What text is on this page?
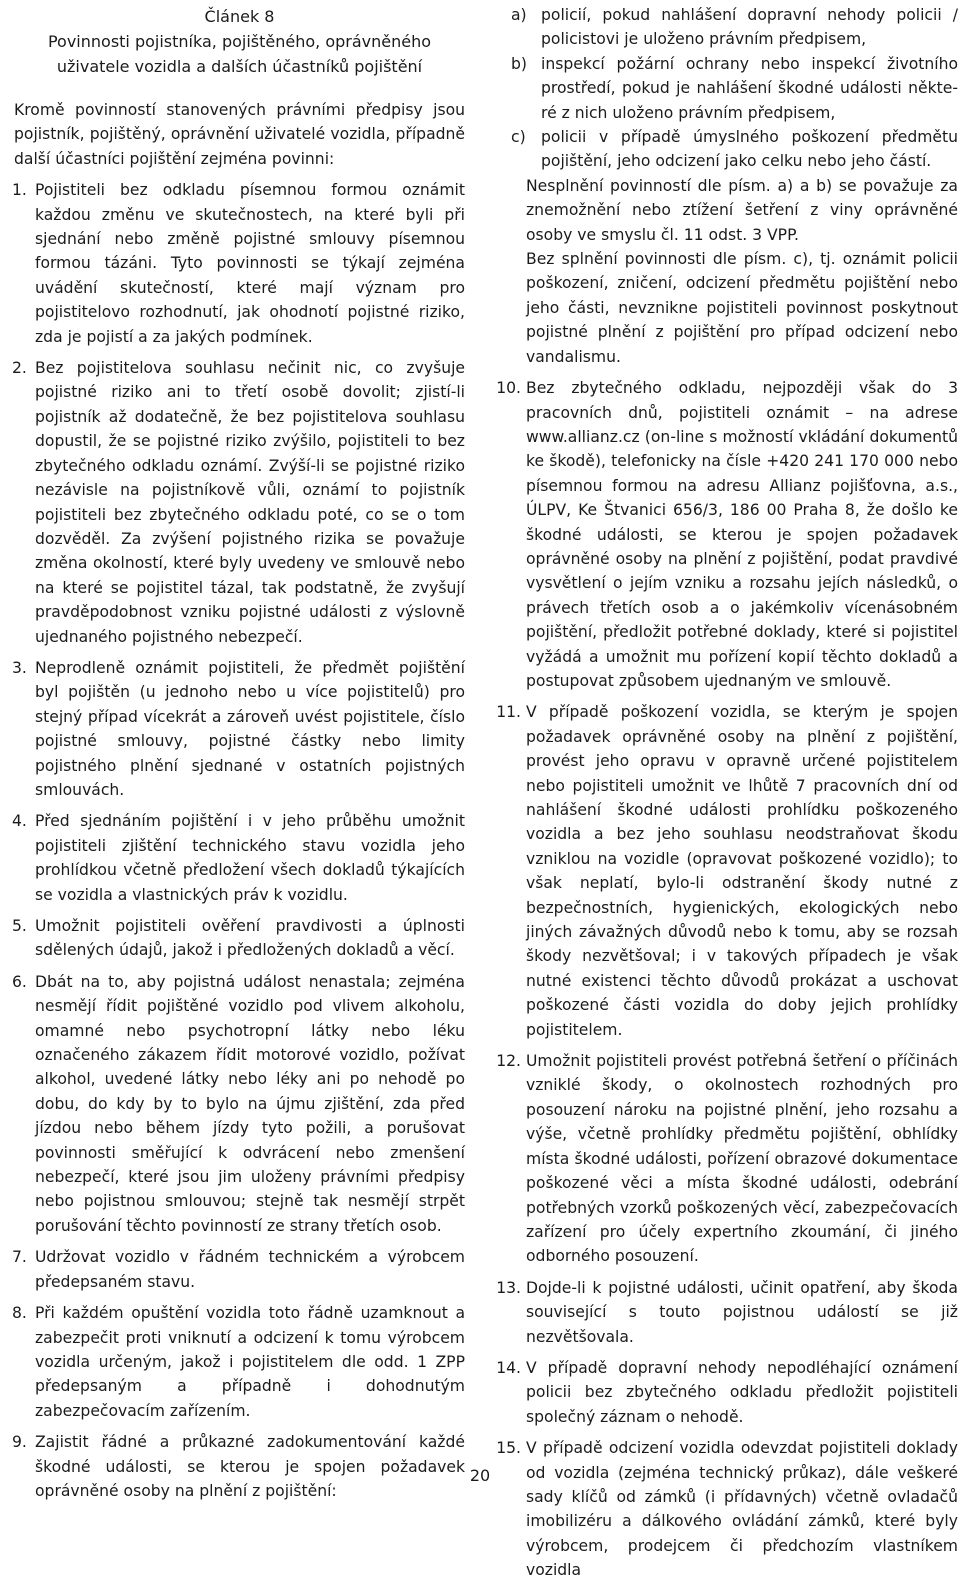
Článek 8
Povinnosti pojistníka, pojištěného, oprávněného
uživatele vozidla a dalších účastníků pojištění

Kromě povinností stanovených právními předpisy jsou pojistník, pojištěný, oprávnění uživatelé vozidla, případně další účastníci pojištění zejména povinni:

1. Pojistiteli bez odkladu písemnou formou oznámit každou změnu ve skutečnostech, na které byli při sjednání nebo změně pojistné smlouvy písemnou formou tázáni. Tyto povinnosti se týkají zejména uvádění skutečností, které mají význam pro pojistitelovo rozhodnutí, jak ohodnotí pojistné riziko, zda je pojistí a za jakých podmínek.

2. Bez pojistitelova souhlasu nečinit nic, co zvyšuje pojistné riziko ani to třetí osobě dovolit; zjistí-li pojistník až dodatečně, že bez pojistitelova souhlasu dopustil, že se pojistné riziko zvýšilo, pojistiteli to bez zbytečného odkladu oznámí. Zvýší-li se pojistné riziko nezávisle na pojistníkově vůli, oznámí to pojistník pojistiteli bez zbytečného odkladu poté, co se o tom dozvěděl. Za zvýšení pojistného rizika se považuje změna okolností, které byly uvedeny ve smlouvě nebo na které se pojistitel tázal, tak podstatně, že zvyšují pravděpodobnost vzniku pojistné události z výslovně ujednaného pojistného nebezpečí.

3. Neprodleně oznámit pojistiteli, že předmět pojištění byl pojištěn (u jednoho nebo u více pojistitelů) pro stejný případ vícekrát a zároveň uvést pojistitele, číslo pojistné smlouvy, pojistné částky nebo limity pojistného plnění sjednané v ostatních pojistných smlouvách.

4. Před sjednáním pojištění i v jeho průběhu umožnit pojistiteli zjištění technického stavu vozidla jeho prohlídkou včetně předložení všech dokladů týkajících se vozidla a vlastnických práv k vozidlu.

5. Umožnit pojistiteli ověření pravdivosti a úplnosti sdělených údajů, jakož i předložených dokladů a věcí.

6. Dbát na to, aby pojistná událost nenastala; zejména nesmějí řídit pojištěné vozidlo pod vlivem alkoholu, omamné nebo psychotropní látky nebo léku označeného zákazem řídit motorové vozidlo, požívat alkohol, uvedené látky nebo léky ani po nehodě po dobu, do kdy by to bylo na újmu zjištění, zda před jízdou nebo během jízdy tyto požili, a porušovat povinnosti směřující k odvrácení nebo zmenšení nebezpečí, které jsou jim uloženy právními předpisy nebo pojistnou smlouvou; stejně tak nesmějí strpět porušování těchto povinností ze strany třetích osob.

7. Udržovat vozidlo v řádném technickém a výrobcem předepsaném stavu.

8. Při každém opuštění vozidla toto řádně uzamknout a zabezpečit proti vniknutí a odcizení k tomu výrobcem vozidla určeným, jakož i pojistitelem dle odd. 1 ZPP předepsaným a případně i dohodnutým zabezpečovacím zařízením.

9. Zajistit řádné a průkazné zadokumentování každé škodné události, se kterou je spojen požadavek oprávněné osoby na plnění z pojištění:

a) policií, pokud nahlášení dopravní nehody policii / policistovi je uloženo právním předpisem,

b) inspekcí požární ochrany nebo inspekcí životního prostředí, pokud je nahlášení škodné události některé z nich uloženo právním předpisem,

c) policii v případě úmyslného poškození předmětu pojištění, jeho odcizení jako celku nebo jeho částí.

Nesplnění povinností dle písm. a) a b) se považuje za znemožnění nebo ztížení šetření z viny oprávněné osoby ve smyslu čl. 11 odst. 3 VPP.

Bez splnění povinnosti dle písm. c), tj. oznámit policii poškození, zničení, odcizení předmětu pojištění nebo jeho části, nevznikne pojistiteli povinnost poskytnout pojistné plnění z pojištění pro případ odcizení nebo vandalismu.

10. Bez zbytečného odkladu, nejpozději však do 3 pracovních dnů, pojistiteli oznámit – na adrese www.allianz.cz (on-line s možností vkládání dokumentů ke škodě), telefonicky na čísle +420 241 170 000 nebo písemnou formou na adresu Allianz pojišťovna, a.s., ÚLPV, Ke Štvanici 656/3, 186 00 Praha 8, že došlo ke škodné události, se kterou je spojen požadavek oprávněné osoby na plnění z pojištění, podat pravdivé vysvětlení o jejím vzniku a rozsahu jejích následků, o právech třetích osob a o jakémkoliv vícenásobném pojištění, předložit potřebné doklady, které si pojistitel vyžádá a umožnit mu pořízení kopií těchto dokladů a postupovat způsobem ujednaným ve smlouvě.

11. V případě poškození vozidla, se kterým je spojen požadavek oprávněné osoby na plnění z pojištění, provést jeho opravu v opravně určené pojistitelem nebo pojistiteli umožnit ve lhůtě 7 pracovních dní od nahlášení škodné události prohlídku poškozeného vozidla a bez jeho souhlasu neodstraňovat škodu vzniklou na vozidle (opravovat poškozené vozidlo); to však neplatí, bylo-li odstranění škody nutné z bezpečnostních, hygienických, ekologických nebo jiných závažných důvodů nebo k tomu, aby se rozsah škody nezvětšoval; i v takových případech je však nutné existenci těchto důvodů prokázat a uschovat poškozené části vozidla do doby jejich prohlídky pojistitelem.

12. Umožnit pojistiteli provést potřebná šetření o příčinách vzniklé škody, o okolnostech rozhodných pro posouzení nároku na pojistné plnění, jeho rozsahu a výše, včetně prohlídky předmětu pojištění, obhlídky místa škodné události, pořízení obrazové dokumentace poškozené věci a místa škodné události, odebrání potřebných vzorků poškozených věcí, zabezpečovacích zařízení pro účely expertního zkoumání, či jiného odborného posouzení.

13. Dojde-li k pojistné události, učinit opatření, aby škoda související s touto pojistnou událostí se již nezvětšovala.

14. V případě dopravní nehody nepodléhající oznámení policii bez zbytečného odkladu předložit pojistiteli společný záznam o nehodě.

15. V případě odcizení vozidla odevzdat pojistiteli doklady od vozidla (zejména technický průkaz), dále veškeré sady klíčů od zámků (i přídavných) včetně ovladačů imobilizéru a dálkového ovládání zámků, které byly výrobcem, prodejcem či předchozím vlastníkem vozidla

20
